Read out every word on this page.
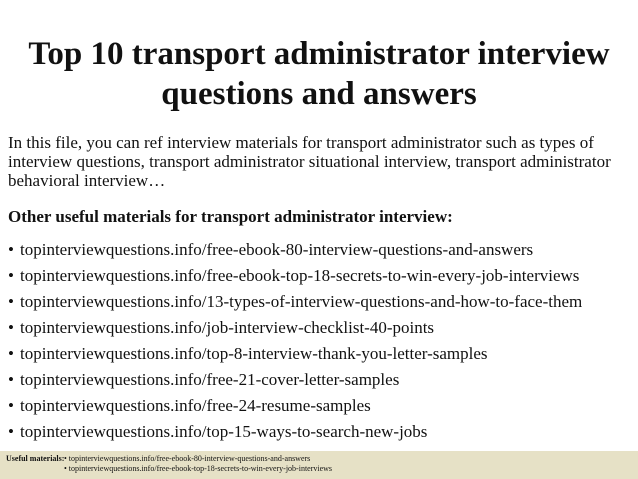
Top 10 transport administrator interview questions and answers

In this file, you can ref interview materials for transport administrator such as types of interview questions, transport administrator situational interview, transport administrator behavioral interview…

Other useful materials for transport administrator interview:

• topinterviewquestions.info/free-ebook-80-interview-questions-and-answers
• topinterviewquestions.info/free-ebook-top-18-secrets-to-win-every-job-interviews
• topinterviewquestions.info/13-types-of-interview-questions-and-how-to-face-them
• topinterviewquestions.info/job-interview-checklist-40-points
• topinterviewquestions.info/top-8-interview-thank-you-letter-samples
• topinterviewquestions.info/free-21-cover-letter-samples
• topinterviewquestions.info/free-24-resume-samples
• topinterviewquestions.info/top-15-ways-to-search-new-jobs
Useful materials:• topinterviewquestions.info/free-ebook-80-interview-questions-and-answers
• topinterviewquestions.info/free-ebook-top-18-secrets-to-win-every-job-interviews
